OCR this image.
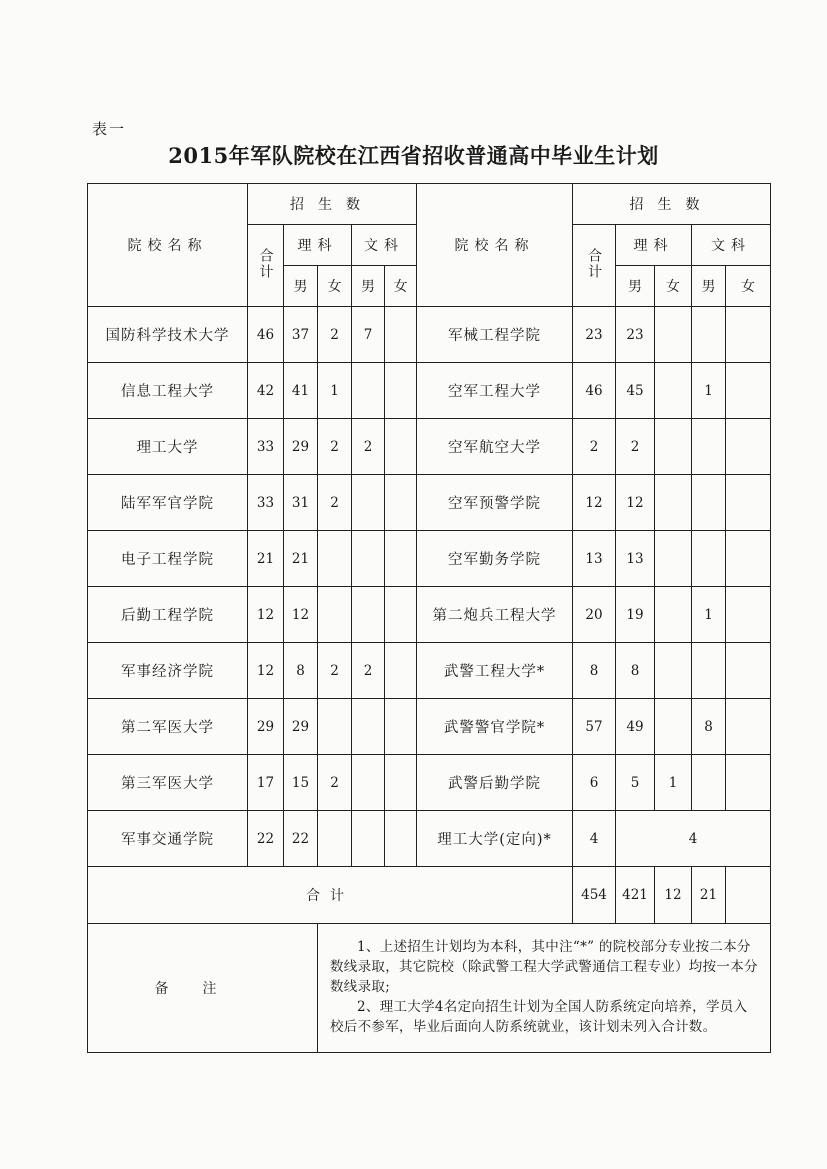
表一
2015年军队院校在江西省招收普通高中毕业生计划
院校名称	招生数					院校名称	招生数				
	合计	理科		文科			合计	理科		文科	
		男	女	男	女			男	女	男	女
国防科学技术大学	46	37	2	7		军械工程学院	23	23			
信息工程大学	42	41	1			空军工程大学	46	45		1	
理工大学	33	29	2	2		空军航空大学	2	2			
陆军军官学院	33	31	2			空军预警学院	12	12			
电子工程学院	21	21				空军勤务学院	13	13			
后勤工程学院	12	12				第二炮兵工程大学	20	19		1	
军事经济学院	12	8	2	2		武警工程大学*	8	8			
第二军医大学	29	29				武警警官学院*	57	49		8	
第三军医大学	17	15	2			武警后勤学院	6	5	1		
军事交通学院	22	22				理工大学(定向)*	4	4			
合计							454	421	12	21	
备注			1、上述招生计划均为本科，其中注“*” 的院校部分专业按二本分数线录取，其它院校（除武警工程大学武警通信工程专业）均按一本分数线录取;

2、理工大学4名定向招生计划为全国人防系统定向培养，学员入校后不参军，毕业后面向人防系统就业，该计划未列入合计数。								
